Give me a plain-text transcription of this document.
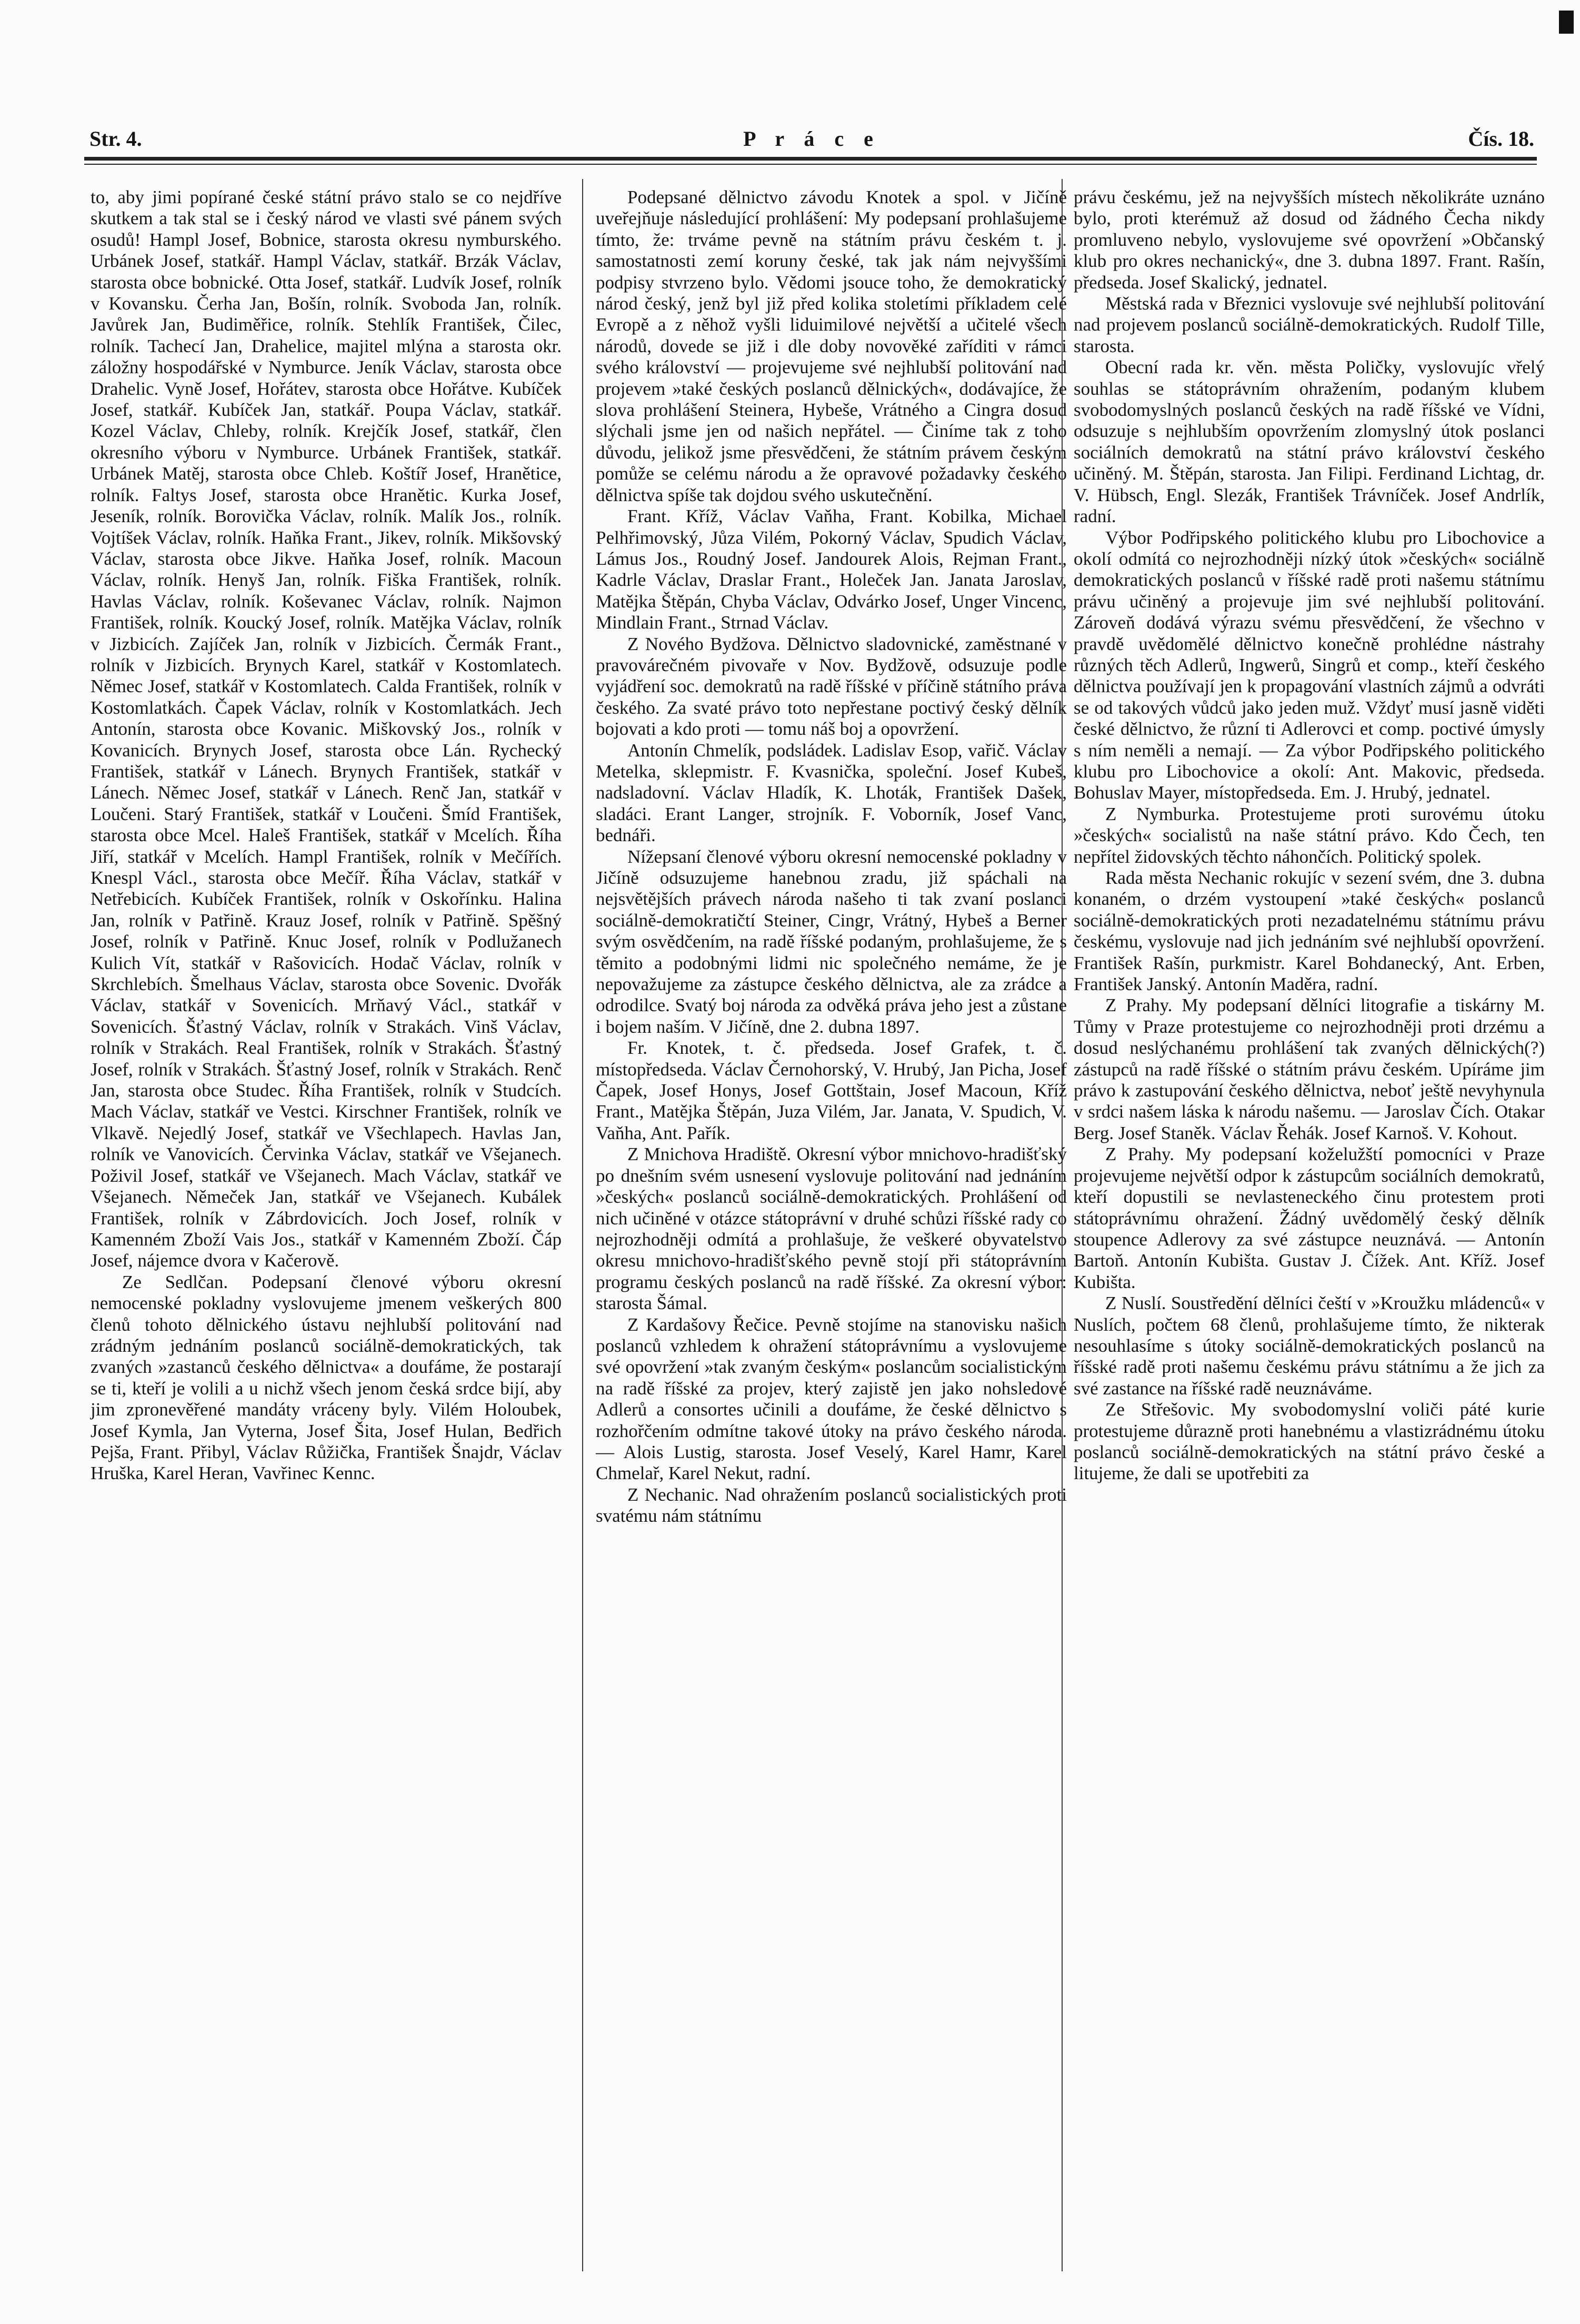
Str. 4.	P r á c e	Čís. 18.

to, aby jimi popírané české státní právo stalo se co nejdříve skutkem a tak stal se i český národ ve vlasti své pánem svých osudů! Hampl Josef, Bobnice, starosta okresu nymburského. Urbánek Josef, statkář. Hampl Václav, statkář. Brzák Václav, starosta obce bobnické. Otta Josef, statkář. Ludvík Josef, rolník v Kovansku. Čerha Jan, Bošín, rolník. Svoboda Jan, rolník. Javůrek Jan, Budiměřice, rolník. Stehlík František, Čilec, rolník. Tachecí Jan, Drahelice, majitel mlýna a starosta okr. záložny hospodářské v Nymburce. Jeník Václav, starosta obce Drahelic. Vyně Josef, Hořátev, starosta obce Hořátve. Kubíček Josef, statkář. Kubíček Jan, statkář. Poupa Václav, statkář. Kozel Václav, Chleby, rolník. Krejčík Josef, statkář, člen okresního výboru v Nymburce. Urbánek František, statkář. Urbánek Matěj, starosta obce Chleb. Koštíř Josef, Hranětice, rolník. Faltys Josef, starosta obce Hranětic. Kurka Josef, Jeseník, rolník. Borovička Václav, rolník. Malík Jos., rolník. Vojtíšek Václav, rolník. Haňka Frant., Jikev, rolník. Mikšovský Václav, starosta obce Jikve. Haňka Josef, rolník. Macoun Václav, rolník. Henyš Jan, rolník. Fiška František, rolník. Havlas Václav, rolník. Koševanec Václav, rolník. Najmon František, rolník. Koucký Josef, rolník. Matějka Václav, rolník v Jizbicích. Zajíček Jan, rolník v Jizbicích. Čermák Frant., rolník v Jizbicích. Brynych Karel, statkář v Kostomlatech. Němec Josef, statkář v Kostomlatech. Calda František, rolník v Kostomlatkách. Čapek Václav, rolník v Kostomlatkách. Jech Antonín, starosta obce Kovanic. Miškovský Jos., rolník v Kovanicích. Brynych Josef, starosta obce Lán. Rychecký František, statkář v Lánech. Brynych František, statkář v Lánech. Němec Josef, statkář v Lánech. Renč Jan, statkář v Loučeni. Starý František, statkář v Loučeni. Šmíd František, starosta obce Mcel. Haleš František, statkář v Mcelích. Říha Jiří, statkář v Mcelích. Hampl František, rolník v Mečířích. Knespl Václ., starosta obce Mečíř. Říha Václav, statkář v Netřebicích. Kubíček František, rolník v Oskořínku. Halina Jan, rolník v Patřině. Krauz Josef, rolník v Patřině. Spěšný Josef, rolník v Patřině. Knuc Josef, rolník v Podlužanech Kulich Vít, statkář v Rašovicích. Hodač Václav, rolník v Skrchlebích. Šmelhaus Václav, starosta obce Sovenic. Dvořák Václav, statkář v Sovenicích. Mrňavý Václ., statkář v Sovenicích. Šťastný Václav, rolník v Strakách. Vinš Václav, rolník v Strakách. Real František, rolník v Strakách. Šťastný Josef, rolník v Strakách. Šťastný Josef, rolník v Strakách. Renč Jan, starosta obce Studec. Říha František, rolník v Studcích. Mach Václav, statkář ve Vestci. Kirschner František, rolník ve Vlkavě. Nejedlý Josef, statkář ve Všechlapech. Havlas Jan, rolník ve Vanovicích. Červinka Václav, statkář ve Všejanech. Poživil Josef, statkář ve Všejanech. Mach Václav, statkář ve Všejanech. Němeček Jan, statkář ve Všejanech. Kubálek František, rolník v Zábrdovicích. Joch Josef, rolník v Kamenném Zboží Vais Jos., statkář v Kamenném Zboží. Čáp Josef, nájemce dvora v Kačerově.

Ze Sedlčan. Podepsaní členové výboru okresní nemocenské pokladny vyslovujeme jmenem veškerých 800 členů tohoto dělnického ústavu nejhlubší politování nad zrádným jednáním poslanců sociálně-demokratických, tak zvaných »zastanců českého dělnictva« a doufáme, že postarají se ti, kteří je volili a u nichž všech jenom česká srdce bijí, aby jim zpronevěřené mandáty vráceny byly. Vilém Holoubek, Josef Kymla, Jan Vyterna, Josef Šita, Josef Hulan, Bedřich Pejša, Frant. Přibyl, Václav Růžička, František Šnajdr, Václav Hruška, Karel Heran, Vavřinec Kennc.

Podepsané dělnictvo závodu Knotek a spol. v Jičíně uveřejňuje následující prohlášení: My podepsaní prohlašujeme tímto, že: trváme pevně na státním právu českém t. j. samostatnosti zemí koruny české, tak jak nám nejvyššími podpisy stvrzeno bylo. Vědomi jsouce toho, že demokratický národ český, jenž byl již před kolika stoletími příkladem celé Evropě a z něhož vyšli liduimilové největší a učitelé všech národů, dovede se již i dle doby novověké zaříditi v rámci svého království — projevujeme své nejhlubší politování nad projevem »také českých poslanců dělnických«, dodávajíce, že slova prohlášení Steinera, Hybeše, Vrátného a Cingra dosud slýchali jsme jen od našich nepřátel. — Činíme tak z toho důvodu, jelikož jsme přesvědčeni, že státním právem českým pomůže se celému národu a že opravové požadavky českého dělnictva spíše tak dojdou svého uskutečnění.

Frant. Kříž, Václav Vaňha, Frant. Kobilka, Michael Pelhřimovský, Jůza Vilém, Pokorný Václav, Spudich Václav, Lámus Jos., Roudný Josef. Jandourek Alois, Rejman Frant., Kadrle Václav, Draslar Frant., Holeček Jan. Janata Jaroslav, Matějka Štěpán, Chyba Václav, Odvárko Josef, Unger Vincenc, Mindlain Frant., Strnad Václav.

Z Nového Bydžova. Dělnictvo sladovnické, zaměstnané v pravovárečném pivovaře v Nov. Bydžově, odsuzuje podle vyjádření soc. demokratů na radě říšské v příčině státního práva českého. Za svaté právo toto nepřestane poctivý český dělník bojovati a kdo proti — tomu náš boj a opovržení.

Antonín Chmelík, podsládek. Ladislav Esop, vařič. Václav Metelka, sklepmistr. F. Kvasnička, společní. Josef Kubeš, nadsladovní. Václav Hladík, K. Lhoták, František Dašek, sladáci. Erant Langer, strojník. F. Voborník, Josef Vanc, bednáři.

Nížepsaní členové výboru okresní nemocenské pokladny v Jičíně odsuzujeme hanebnou zradu, již spáchali na nejsvětějších právech národa našeho ti tak zvaní poslanci sociálně-demokratičtí Steiner, Cingr, Vrátný, Hybeš a Berner svým osvědčením, na radě říšské podaným, prohlašujeme, že s těmito a podobnými lidmi nic společného nemáme, že je nepovažujeme za zástupce českého dělnictva, ale za zrádce a odrodilce. Svatý boj národa za odvěká práva jeho jest a zůstane i bojem naším. V Jičíně, dne 2. dubna 1897.

Fr. Knotek, t. č. předseda. Josef Grafek, t. č. místopředseda. Václav Černohorský, V. Hrubý, Jan Picha, Josef Čapek, Josef Honys, Josef Gottštain, Josef Macoun, Kříž Frant., Matějka Štěpán, Juza Vilém, Jar. Janata, V. Spudich, V. Vaňha, Ant. Pařík.

Z Mnichova Hradiště. Okresní výbor mnichovo-hradišťský po dnešním svém usnesení vyslovuje politování nad jednáním »českých« poslanců sociálně-demokratických. Prohlášení od nich učiněné v otázce státoprávní v druhé schůzi říšské rady co nejrozhodněji odmítá a prohlašuje, že veškeré obyvatelstvo okresu mnichovo-hradišťského pevně stojí při státoprávním programu českých poslanců na radě říšské. Za okresní výbor: starosta Šámal.

Z Kardašovy Řečice. Pevně stojíme na stanovisku našich poslanců vzhledem k ohražení státoprávnímu a vyslovujeme své opovržení »tak zvaným českým« poslancům socialistickým na radě říšské za projev, který zajistě jen jako nohsledové Adlerů a consortes učinili a doufáme, že české dělnictvo s rozhořčením odmítne takové útoky na právo českého národa. — Alois Lustig, starosta. Josef Veselý, Karel Hamr, Karel Chmelař, Karel Nekut, radní.

Z Nechanic. Nad ohražením poslanců socialistických proti svatému nám státnímu

právu českému, jež na nejvyšších místech několikráte uznáno bylo, proti kterémuž až dosud od žádného Čecha nikdy promluveno nebylo, vyslovujeme své opovržení »Občanský klub pro okres nechanický«, dne 3. dubna 1897. Frant. Rašín, předseda. Josef Skalický, jednatel.

Městská rada v Březnici vyslovuje své nejhlubší politování nad projevem poslanců sociálně-demokratických. Rudolf Tille, starosta.

Obecní rada kr. věn. města Poličky, vyslovujíc vřelý souhlas se státoprávním ohražením, podaným klubem svobodomyslných poslanců českých na radě říšské ve Vídni, odsuzuje s nejhlubším opovržením zlomyslný útok poslanci sociálních demokratů na státní právo království českého učiněný. M. Štěpán, starosta. Jan Filipi. Ferdinand Lichtag, dr. V. Hübsch, Engl. Slezák, František Trávníček. Josef Andrlík, radní.

Výbor Podřipského politického klubu pro Libochovice a okolí odmítá co nejrozhodněji nízký útok »českých« sociálně demokratických poslanců v říšské radě proti našemu státnímu právu učiněný a projevuje jim své nejhlubší politování. Zároveň dodává výrazu svému přesvědčení, že všechno v pravdě uvědomělé dělnictvo konečně prohlédne nástrahy různých těch Adlerů, Ingwerů, Singrů et comp., kteří českého dělnictva používají jen k propagování vlastních zájmů a odvráti se od takových vůdců jako jeden muž. Vždyť musí jasně viděti české dělnictvo, že různí ti Adlerovci et comp. poctivé úmysly s ním neměli a nemají. — Za výbor Podřipského politického klubu pro Libochovice a okolí: Ant. Makovic, předseda. Bohuslav Mayer, místopředseda. Em. J. Hrubý, jednatel.

Z Nymburka. Protestujeme proti surovému útoku »českých« socialistů na naše státní právo. Kdo Čech, ten nepřítel židovských těchto náhončích. Politický spolek.

Rada města Nechanic rokujíc v sezení svém, dne 3. dubna konaném, o drzém vystoupení »také českých« poslanců sociálně-demokratických proti nezadatelnému státnímu právu českému, vyslovuje nad jich jednáním své nejhlubší opovržení. František Rašín, purkmistr. Karel Bohdanecký, Ant. Erben, František Janský. Antonín Maděra, radní.

Z Prahy. My podepsaní dělníci litografie a tiskárny M. Tůmy v Praze protestujeme co nejrozhodněji proti drzému a dosud neslýchanému prohlášení tak zvaných dělnických(?) zástupců na radě říšské o státním právu českém. Upíráme jim právo k zastupování českého dělnictva, neboť ještě nevyhynula v srdci našem láska k národu našemu. — Jaroslav Čích. Otakar Berg. Josef Staněk. Václav Řehák. Josef Karnoš. V. Kohout.

Z Prahy. My podepsaní koželužští pomocníci v Praze projevujeme největší odpor k zástupcům sociálních demokratů, kteří dopustili se nevlasteneckého činu protestem proti státoprávnímu ohražení. Žádný uvědomělý český dělník stoupence Adlerovy za své zástupce neuznává. — Antonín Bartoň. Antonín Kubišta. Gustav J. Čížek. Ant. Kříž. Josef Kubišta.

Z Nuslí. Soustředění dělníci čeští v »Kroužku mládenců« v Nuslích, počtem 68 členů, prohlašujeme tímto, že nikterak nesouhlasíme s útoky sociálně-demokratických poslanců na říšské radě proti našemu českému právu státnímu a že jich za své zastance na říšské radě neuznáváme.

Ze Střešovic. My svobodomyslní voliči páté kurie protestujeme důrazně proti hanebnému a vlastizrádnému útoku poslanců sociálně-demokratických na státní právo české a litujeme, že dali se upotřebiti za
